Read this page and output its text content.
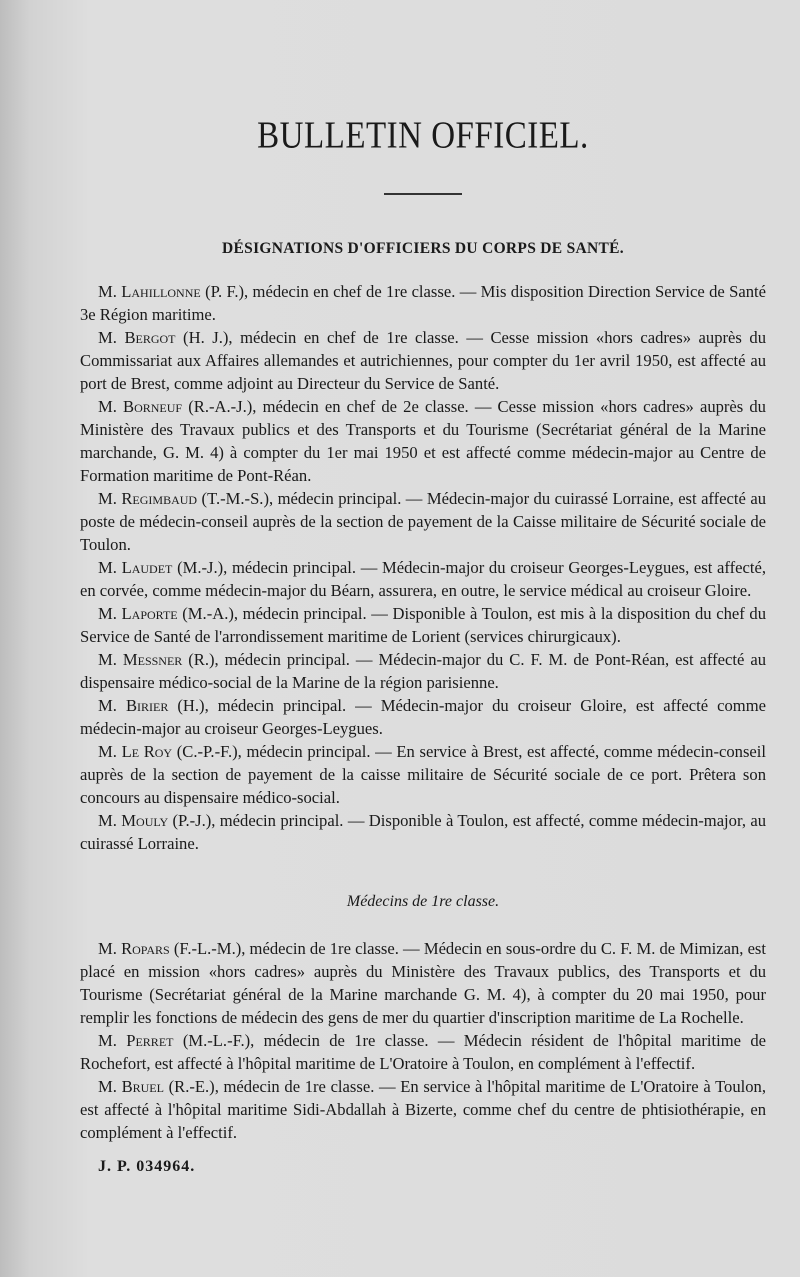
BULLETIN OFFICIEL.
DÉSIGNATIONS D'OFFICIERS DU CORPS DE SANTÉ.

M. Lahillonne (P. F.), médecin en chef de 1re classe. — Mis disposition Direction Service de Santé 3e Région maritime.

M. Bergot (H. J.), médecin en chef de 1re classe. — Cesse mission «hors cadres» auprès du Commissariat aux Affaires allemandes et autrichiennes, pour compter du 1er avril 1950, est affecté au port de Brest, comme adjoint au Directeur du Service de Santé.

M. Borneuf (R.-A.-J.), médecin en chef de 2e classe. — Cesse mission «hors cadres» auprès du Ministère des Travaux publics et des Transports et du Tourisme (Secrétariat général de la Marine marchande, G. M. 4) à compter du 1er mai 1950 et est affecté comme médecin-major au Centre de Formation maritime de Pont-Réan.

M. Regimbaud (T.-M.-S.), médecin principal. — Médecin-major du cuirassé Lorraine, est affecté au poste de médecin-conseil auprès de la section de payement de la Caisse militaire de Sécurité sociale de Toulon.

M. Laudet (M.-J.), médecin principal. — Médecin-major du croiseur Georges-Leygues, est affecté, en corvée, comme médecin-major du Béarn, assurera, en outre, le service médical au croiseur Gloire.

M. Laporte (M.-A.), médecin principal. — Disponible à Toulon, est mis à la disposition du chef du Service de Santé de l'arrondissement maritime de Lorient (services chirurgicaux).

M. Messner (R.), médecin principal. — Médecin-major du C. F. M. de Pont-Réan, est affecté au dispensaire médico-social de la Marine de la région parisienne.

M. Birier (H.), médecin principal. — Médecin-major du croiseur Gloire, est affecté comme médecin-major au croiseur Georges-Leygues.

M. Le Roy (C.-P.-F.), médecin principal. — En service à Brest, est affecté, comme médecin-conseil auprès de la section de payement de la caisse militaire de Sécurité sociale de ce port. Prêtera son concours au dispensaire médico-social.

M. Mouly (P.-J.), médecin principal. — Disponible à Toulon, est affecté, comme médecin-major, au cuirassé Lorraine.

Médecins de 1re classe.

M. Ropars (F.-L.-M.), médecin de 1re classe. — Médecin en sous-ordre du C. F. M. de Mimizan, est placé en mission «hors cadres» auprès du Ministère des Travaux publics, des Transports et du Tourisme (Secrétariat général de la Marine marchande G. M. 4), à compter du 20 mai 1950, pour remplir les fonctions de médecin des gens de mer du quartier d'inscription maritime de La Rochelle.

M. Perret (M.-L.-F.), médecin de 1re classe. — Médecin résident de l'hôpital maritime de Rochefort, est affecté à l'hôpital maritime de L'Oratoire à Toulon, en complément à l'effectif.

M. Bruel (R.-E.), médecin de 1re classe. — En service à l'hôpital maritime de L'Oratoire à Toulon, est affecté à l'hôpital maritime Sidi-Abdallah à Bizerte, comme chef du centre de phtisiothérapie, en complément à l'effectif.

J. P. 034964.
